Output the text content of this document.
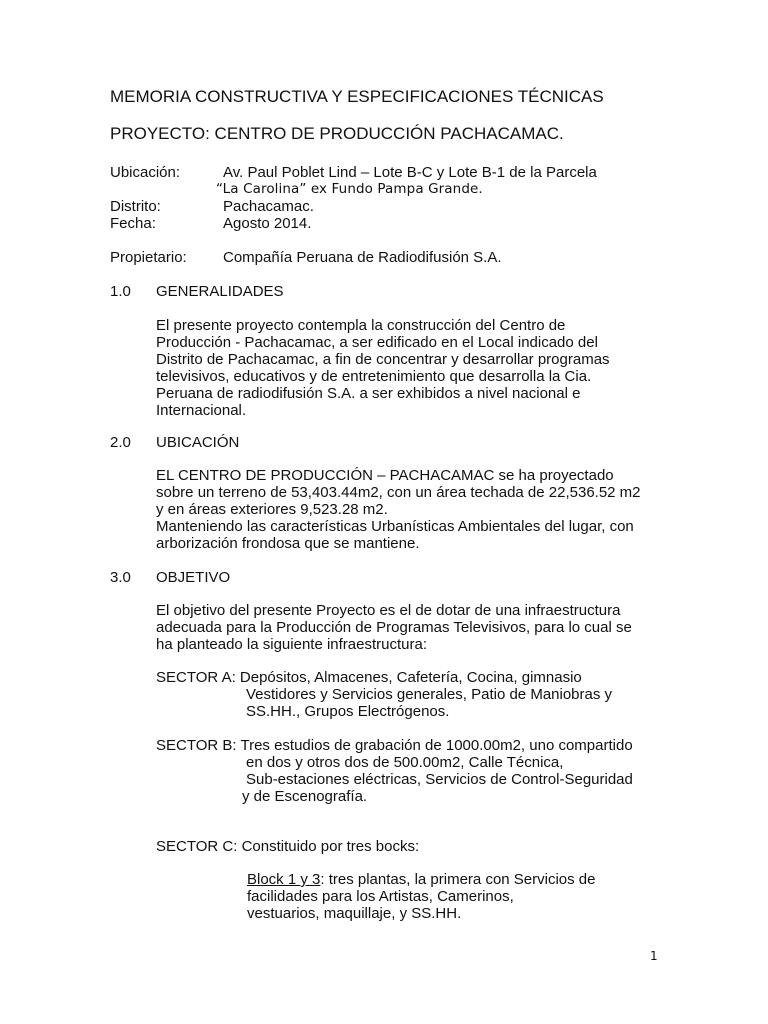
MEMORIA CONSTRUCTIVA Y ESPECIFICACIONES TÉCNICAS
PROYECTO: CENTRO DE PRODUCCIÓN PACHACAMAC.
Ubicación:	Av. Paul Poblet Lind – Lote B-C y Lote B-1 de la Parcela
“La Carolina” ex Fundo Pampa Grande.
Distrito:	Pachacamac.
Fecha:	Agosto 2014.
Propietario: Compañía Peruana de Radiodifusión S.A.
1.0 GENERALIDADES
El presente proyecto contempla la construcción del Centro de
Producción - Pachacamac, a ser edificado en el Local indicado del
Distrito de Pachacamac, a fin de concentrar y desarrollar programas
televisivos, educativos y de entretenimiento que desarrolla la Cia.
Peruana de radiodifusión S.A. a ser exhibidos a nivel nacional e
Internacional.
2.0 UBICACIÓN
EL CENTRO DE PRODUCCIÓN – PACHACAMAC se ha proyectado
sobre un terreno de 53,403.44m2, con un área techada de 22,536.52 m2
y en áreas exteriores 9,523.28 m2.
Manteniendo las características Urbanísticas Ambientales del lugar, con
arborización frondosa que se mantiene.
3.0 OBJETIVO
El objetivo del presente Proyecto es el de dotar de una infraestructura
adecuada para la Producción de Programas Televisivos, para lo cual se
ha planteado la siguiente infraestructura:
SECTOR A: Depósitos, Almacenes, Cafetería, Cocina, gimnasio
Vestidores y Servicios generales, Patio de Maniobras y
SS.HH., Grupos Electrógenos.
SECTOR B: Tres estudios de grabación de 1000.00m2, uno compartido
en dos y otros dos de 500.00m2, Calle Técnica,
Sub-estaciones eléctricas, Servicios de Control-Seguridad
y de Escenografía.
SECTOR C: Constituido por tres bocks:
Block 1 y 3: tres plantas, la primera con Servicios de
facilidades para los Artistas, Camerinos,
vestuarios, maquillaje, y SS.HH.
1
